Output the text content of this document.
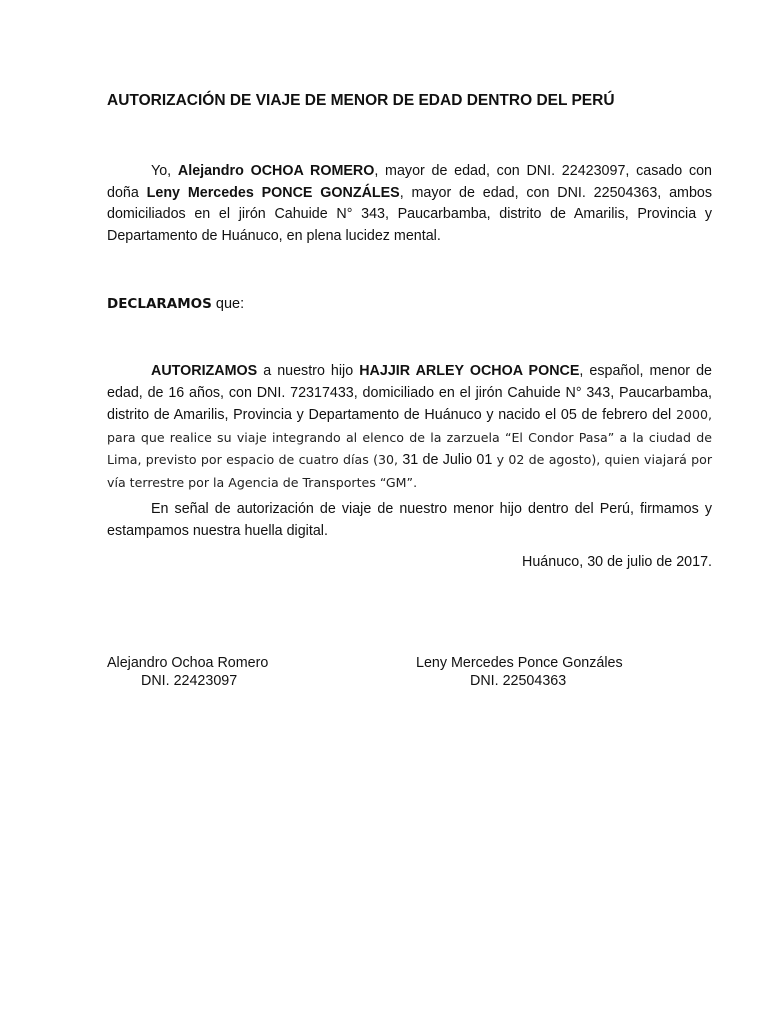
AUTORIZACIÓN DE VIAJE DE MENOR DE EDAD DENTRO DEL PERÚ

Yo, Alejandro OCHOA ROMERO, mayor de edad, con DNI. 22423097, casado con doña Leny Mercedes PONCE GONZÁLES, mayor de edad, con DNI. 22504363, ambos domiciliados en el jirón Cahuide N° 343, Paucarbamba, distrito de Amarilis, Provincia y Departamento de Huánuco, en plena lucidez mental.

DECLARAMOS que:

AUTORIZAMOS a nuestro hijo HAJJIR ARLEY OCHOA PONCE, español, menor de edad, de 16 años, con DNI. 72317433, domiciliado en el jirón Cahuide N° 343, Paucarbamba, distrito de Amarilis, Provincia y Departamento de Huánuco y nacido el 05 de febrero del 2000, para que realice su viaje integrando al elenco de la zarzuela “El Condor Pasa” a la ciudad de Lima, previsto por espacio de cuatro días (30, 31 de Julio 01 y 02 de agosto), quien viajará por vía terrestre por la Agencia de Transportes “GM”.

En señal de autorización de viaje de nuestro menor hijo dentro del Perú, firmamos y estampamos nuestra huella digital.

Huánuco, 30 de julio de 2017.

Alejandro Ochoa Romero
DNI. 22423097
Leny Mercedes Ponce Gonzáles
DNI. 22504363
